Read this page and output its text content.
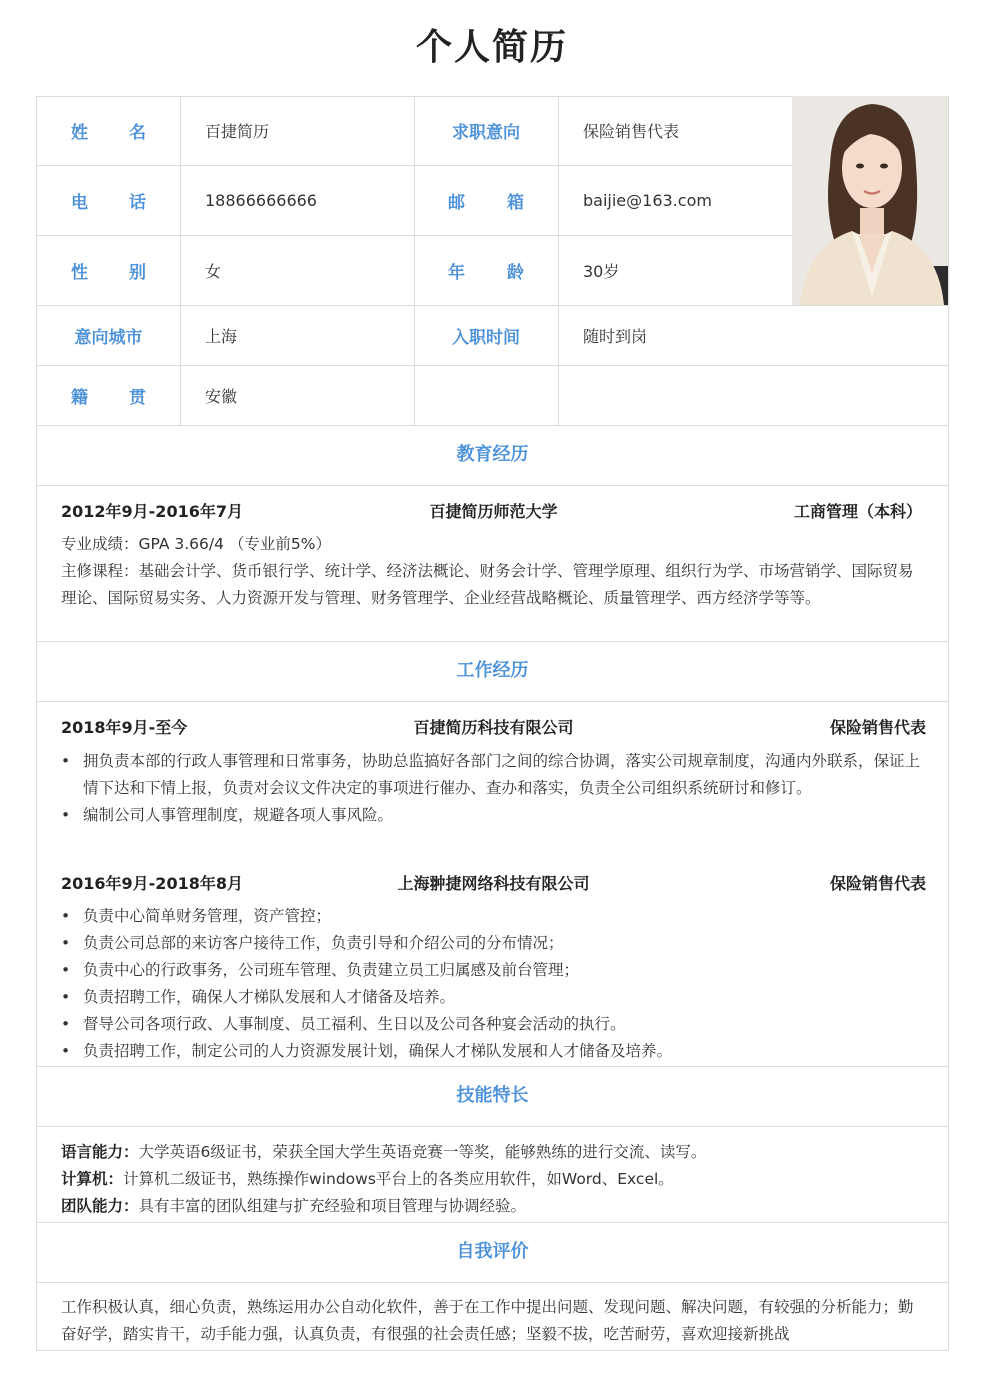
个人简历
姓 名	百捷简历	求职意向	保险销售代表
电 话	18866666666	邮 箱	baijie@163.com
性 别	女	年 龄	30岁
意向城市	上海	入职时间	随时到岗
籍 贯	安徽
教育经历
2012年9月-2016年7月	百捷简历师范大学	工商管理（本科）
专业成绩：GPA 3.66/4 （专业前5%）
主修课程：基础会计学、货币银行学、统计学、经济法概论、财务会计学、管理学原理、组织行为学、市场营销学、国际贸易理论、国际贸易实务、人力资源开发与管理、财务管理学、企业经营战略概论、质量管理学、西方经济学等等。
工作经历
2018年9月-至今	百捷简历科技有限公司	保险销售代表
• 拥负责本部的行政人事管理和日常事务，协助总监搞好各部门之间的综合协调，落实公司规章制度，沟通内外联系，保证上情下达和下情上报，负责对会议文件决定的事项进行催办、查办和落实，负责全公司组织系统研讨和修订。
• 编制公司人事管理制度，规避各项人事风险。
2016年9月-2018年8月	上海翀捷网络科技有限公司	保险销售代表
• 负责中心简单财务管理，资产管控；
• 负责公司总部的来访客户接待工作，负责引导和介绍公司的分布情况；
• 负责中心的行政事务，公司班车管理、负责建立员工归属感及前台管理；
• 负责招聘工作，确保人才梯队发展和人才储备及培养。
• 督导公司各项行政、人事制度、员工福利、生日以及公司各种宴会活动的执行。
• 负责招聘工作，制定公司的人力资源发展计划，确保人才梯队发展和人才储备及培养。
技能特长
语言能力：大学英语6级证书，荣获全国大学生英语竞赛一等奖，能够熟练的进行交流、读写。
计算机：计算机二级证书，熟练操作windows平台上的各类应用软件，如Word、Excel。
团队能力：具有丰富的团队组建与扩充经验和项目管理与协调经验。
自我评价
工作积极认真，细心负责，熟练运用办公自动化软件，善于在工作中提出问题、发现问题、解决问题，有较强的分析能力；勤奋好学，踏实肯干，动手能力强，认真负责，有很强的社会责任感；坚毅不拔，吃苦耐劳，喜欢迎接新挑战
